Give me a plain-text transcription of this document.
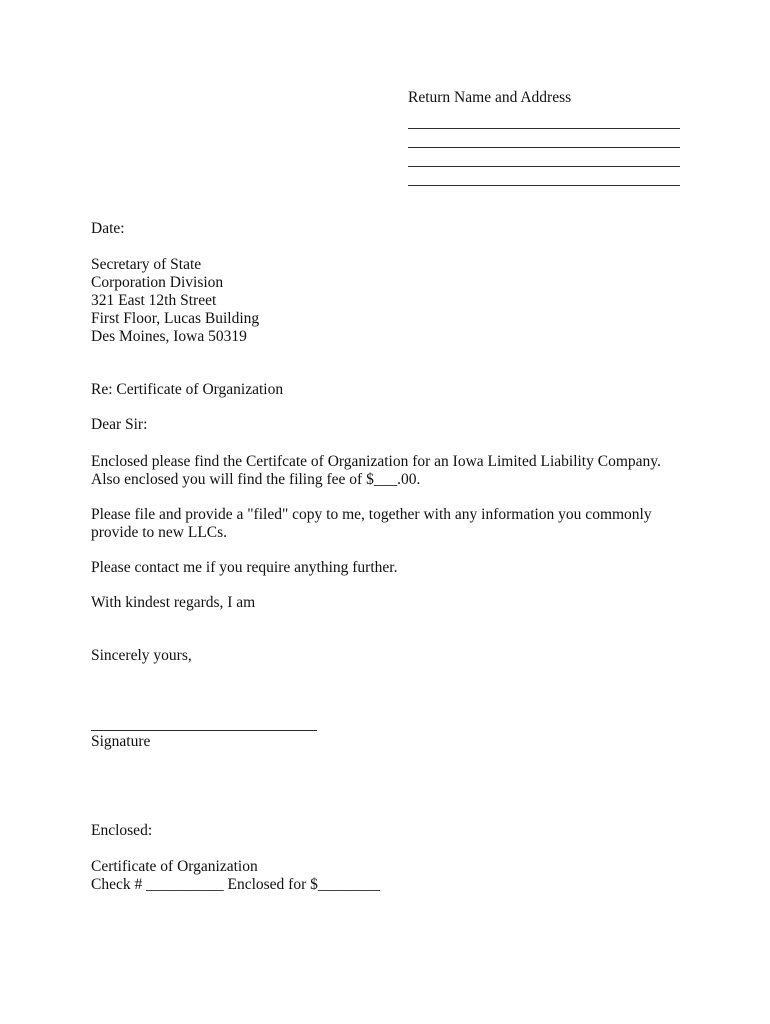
Return Name and Address

Date:

Secretary of State
Corporation Division
321 East 12th Street
First Floor, Lucas Building
Des Moines, Iowa 50319

Re: Certificate of Organization

Dear Sir:

Enclosed please find the Certifcate of Organization for an Iowa Limited Liability Company. Also enclosed you will find the filing fee of $___.00.

Please file and provide a "filed" copy to me, together with any information you commonly provide to new LLCs.

Please contact me if you require anything further.

With kindest regards, I am

Sincerely yours,

Signature

Enclosed:

Certificate of Organization
Check # __________ Enclosed for $________
